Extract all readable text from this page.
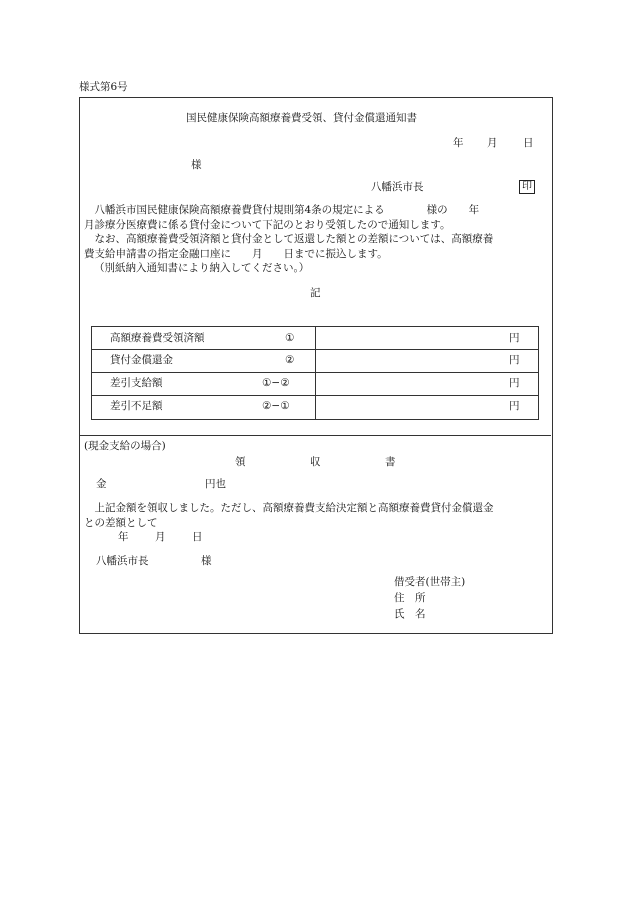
様式第6号
国民健康保険高額療養費受領、貸付金償還通知書
年 月 日
様
八幡浜市長	印
　八幡浜市国民健康保険高額療養費貸付規則第4条の規定による　　　　様の　　年
月診療分医療費に係る貸付金について下記のとおり受領したので通知します。
　なお、高額療養費受領済額と貸付金として返還した額との差額については、高額療養
費支給申請書の指定金融口座に　　月　　日までに振込します。
（別紙納入通知書により納入してください。）
記
高額療養費受領済額	①	円
貸付金償還金	②	円
差引支給額	①−②	円
差引不足額	②−①	円
(現金支給の場合)
領	収	書
金	円也
　上記金額を領収しました。ただし、高額療養費支給決定額と高額療養費貸付金償還金
との差額として
年	月	日
八幡浜市長	様
借受者(世帯主)
住　所
氏　名
